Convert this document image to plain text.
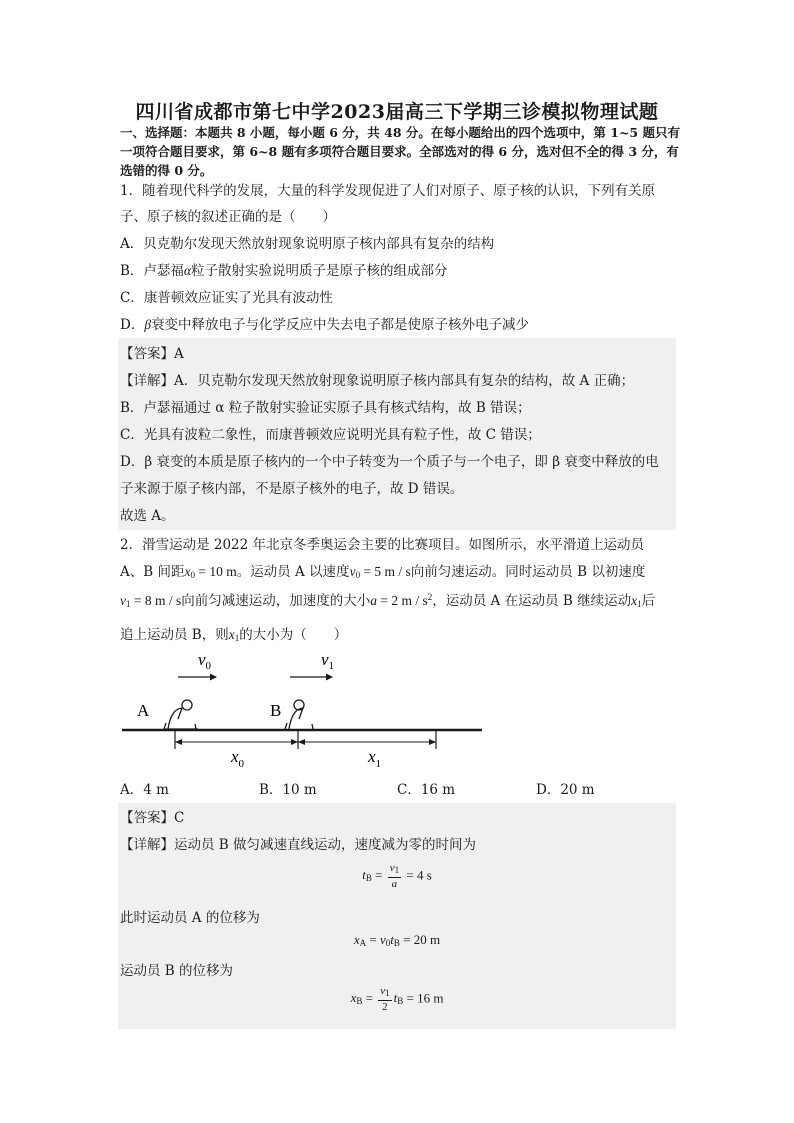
四川省成都市第七中学2023届高三下学期三诊模拟物理试题
一、选择题：本题共 8 小题，每小题 6 分，共 48 分。在每小题给出的四个选项中，第 1~5 题只有一项符合题目要求，第 6~8 题有多项符合题目要求。全部选对的得 6 分，选对但不全的得 3 分，有选错的得 0 分。
1．随着现代科学的发展，大量的科学发现促进了人们对原子、原子核的认识，下列有关原
子、原子核的叙述正确的是（　　）
A．贝克勒尔发现天然放射现象说明原子核内部具有复杂的结构
B．卢瑟福α粒子散射实验说明质子是原子核的组成部分
C．康普顿效应证实了光具有波动性
D．β衰变中释放电子与化学反应中失去电子都是使原子核外电子减少
【答案】A
【详解】A．贝克勒尔发现天然放射现象说明原子核内部具有复杂的结构，故 A 正确；
B．卢瑟福通过 α 粒子散射实验证实原子具有核式结构，故 B 错误；
C．光具有波粒二象性，而康普顿效应说明光具有粒子性，故 C 错误；
D．β 衰变的本质是原子核内的一个中子转变为一个质子与一个电子，即 β 衰变中释放的电
子来源于原子核内部，不是原子核外的电子，故 D 错误。
故选 A。
2．滑雪运动是 2022 年北京冬季奥运会主要的比赛项目。如图所示，水平滑道上运动员
A、B 间距$x_0 = 10$ m。运动员 A 以速度$v_0 = 5$ m / s向前匀速运动。同时运动员 B 以初速度
$v_1 = 8$ m / s向前匀减速运动，加速度的大小a = 2 m / $s^2$，运动员 A 在运动员 B 继续运动$x_1$后
追上运动员 B，则$x_1$的大小为（　　）
$v_0$	$v_1$
A	B
$x_0$	$x_1$
A．4 m	B．10 m	C．16 m	D．20 m
【答案】C
【详解】运动员 B 做匀减速直线运动，速度减为零的时间为
$t_B = \frac{v_1}{a} = 4$ s
此时运动员 A 的位移为
$x_A = v_0t_B = 20$ m
运动员 B 的位移为
$x_B = \frac{v_1}{2} t_B = 16$ m
